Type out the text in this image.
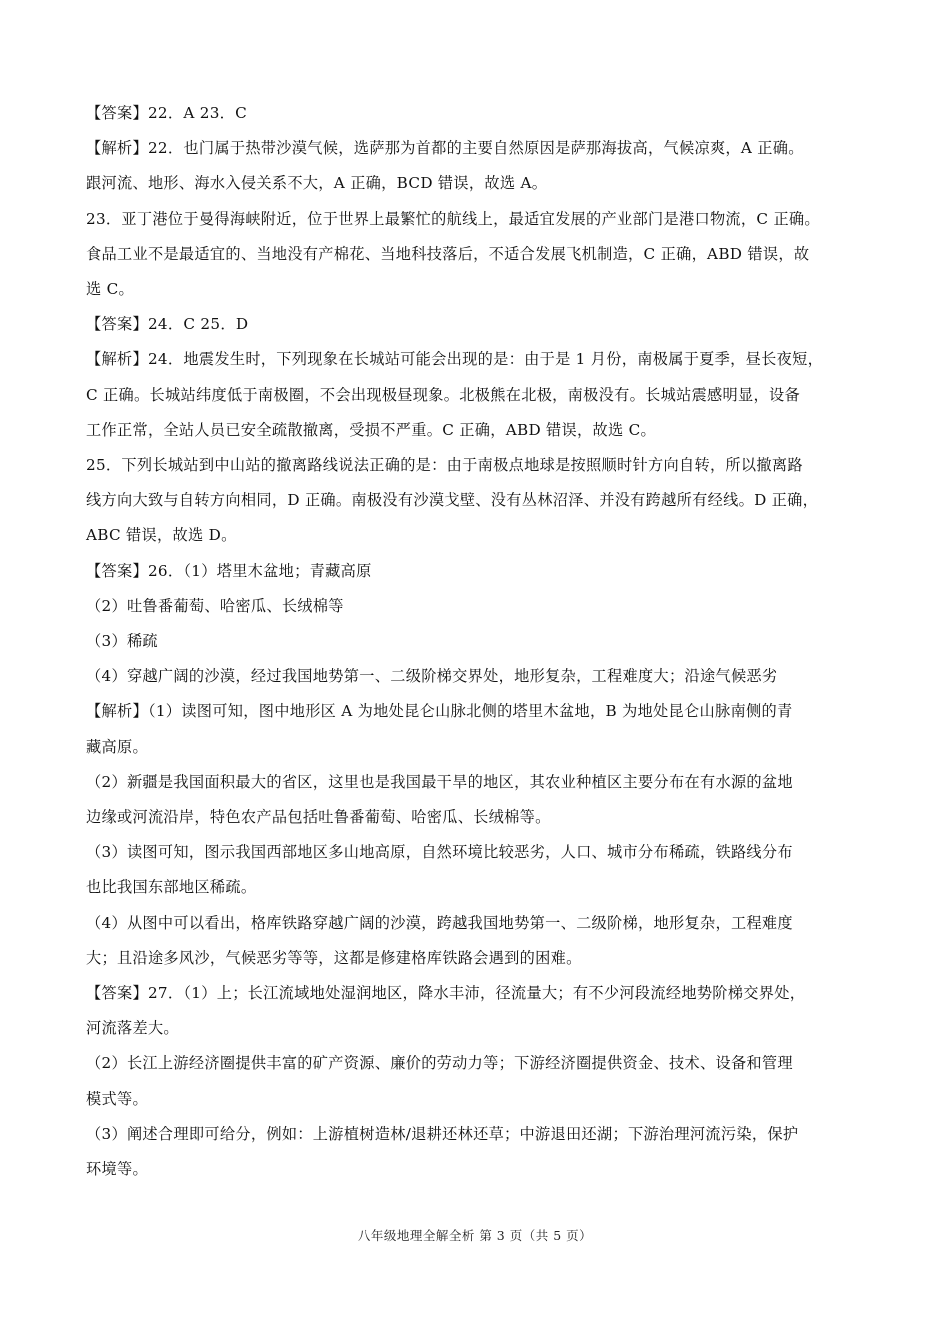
【答案】22．A 23．C
【解析】22．也门属于热带沙漠气候，选萨那为首都的主要自然原因是萨那海拔高，气候凉爽，A 正确。
跟河流、地形、海水入侵关系不大，A 正确，BCD 错误，故选 A。
23．亚丁港位于曼得海峡附近，位于世界上最繁忙的航线上，最适宜发展的产业部门是港口物流，C 正确。
食品工业不是最适宜的、当地没有产棉花、当地科技落后，不适合发展飞机制造，C 正确，ABD 错误，故
选 C。
【答案】24．C 25．D
【解析】24．地震发生时，下列现象在长城站可能会出现的是：由于是 1 月份，南极属于夏季，昼长夜短，
C 正确。长城站纬度低于南极圈，不会出现极昼现象。北极熊在北极，南极没有。长城站震感明显，设备
工作正常，全站人员已安全疏散撤离，受损不严重。C 正确，ABD 错误，故选 C。
25．下列长城站到中山站的撤离路线说法正确的是：由于南极点地球是按照顺时针方向自转，所以撤离路
线方向大致与自转方向相同，D 正确。南极没有沙漠戈壁、没有丛林沼泽、并没有跨越所有经线。D 正确，
ABC 错误，故选 D。
【答案】26．（1）塔里木盆地；青藏高原
（2）吐鲁番葡萄、哈密瓜、长绒棉等
（3）稀疏
（4）穿越广阔的沙漠，经过我国地势第一、二级阶梯交界处，地形复杂，工程难度大；沿途气候恶劣
【解析】（1）读图可知，图中地形区 A 为地处昆仑山脉北侧的塔里木盆地，B 为地处昆仑山脉南侧的青
藏高原。
（2）新疆是我国面积最大的省区，这里也是我国最干旱的地区，其农业种植区主要分布在有水源的盆地
边缘或河流沿岸，特色农产品包括吐鲁番葡萄、哈密瓜、长绒棉等。
（3）读图可知，图示我国西部地区多山地高原，自然环境比较恶劣，人口、城市分布稀疏，铁路线分布
也比我国东部地区稀疏。
（4）从图中可以看出，格库铁路穿越广阔的沙漠，跨越我国地势第一、二级阶梯，地形复杂，工程难度
大；且沿途多风沙，气候恶劣等等，这都是修建格库铁路会遇到的困难。
【答案】27．（1）上；长江流域地处湿润地区，降水丰沛，径流量大；有不少河段流经地势阶梯交界处，
河流落差大。
（2）长江上游经济圈提供丰富的矿产资源、廉价的劳动力等；下游经济圈提供资金、技术、设备和管理
模式等。
（3）阐述合理即可给分，例如：上游植树造林/退耕还林还草；中游退田还湖；下游治理河流污染，保护
环境等。
八年级地理全解全析 第 3 页（共 5 页）
